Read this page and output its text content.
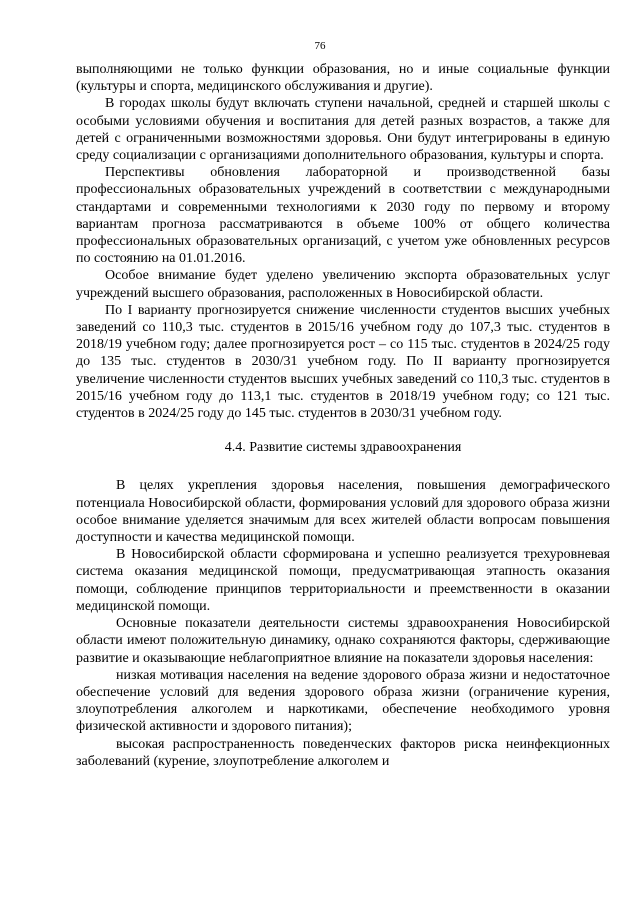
76

выполняющими не только функции образования, но и иные социальные функции (культуры и спорта, медицинского обслуживания и другие).

В городах школы будут включать ступени начальной, средней и старшей школы с особыми условиями обучения и воспитания для детей разных возрастов, а также для детей с ограниченными возможностями здоровья. Они будут интегрированы в единую среду социализации с организациями дополнительного образования, культуры и спорта.

Перспективы обновления лабораторной и производственной базы профессиональных образовательных учреждений в соответствии с международными стандартами и современными технологиями к 2030 году по первому и второму вариантам прогноза рассматриваются в объеме 100% от общего количества профессиональных образовательных организаций, с учетом уже обновленных ресурсов по состоянию на 01.01.2016.

Особое внимание будет уделено увеличению экспорта образовательных услуг учреждений высшего образования, расположенных в Новосибирской области.

По I варианту прогнозируется снижение численности студентов высших учебных заведений со 110,3 тыс. студентов в 2015/16 учебном году до 107,3 тыс. студентов в 2018/19 учебном году; далее прогнозируется рост – со 115 тыс. студентов в 2024/25 году до 135 тыс. студентов в 2030/31 учебном году. По II варианту прогнозируется увеличение численности студентов высших учебных заведений со 110,3 тыс. студентов в 2015/16 учебном году до 113,1 тыс. студентов в 2018/19 учебном году; со 121 тыс. студентов в 2024/25 году до 145 тыс. студентов в 2030/31 учебном году.

4.4. Развитие системы здравоохранения

В целях укрепления здоровья населения, повышения демографического потенциала Новосибирской области, формирования условий для здорового образа жизни особое внимание уделяется значимым для всех жителей области вопросам повышения доступности и качества медицинской помощи.

В Новосибирской области сформирована и успешно реализуется трехуровневая система оказания медицинской помощи, предусматривающая этапность оказания помощи, соблюдение принципов территориальности и преемственности в оказании медицинской помощи.

Основные показатели деятельности системы здравоохранения Новосибирской области имеют положительную динамику, однако сохраняются факторы, сдерживающие развитие и оказывающие неблагоприятное влияние на показатели здоровья населения:

низкая мотивация населения на ведение здорового образа жизни и недостаточное обеспечение условий для ведения здорового образа жизни (ограничение курения, злоупотребления алкоголем и наркотиками, обеспечение необходимого уровня физической активности и здорового питания);

высокая распространенность поведенческих факторов риска неинфекционных заболеваний (курение, злоупотребление алкоголем и
